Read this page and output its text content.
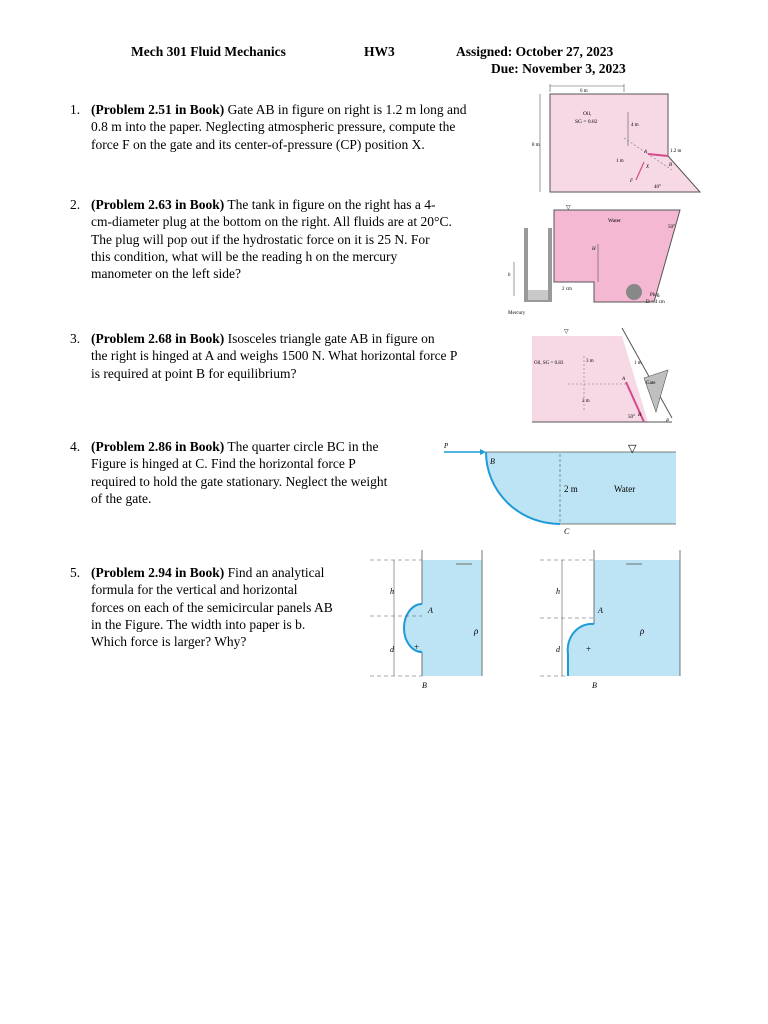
Mech 301 Fluid Mechanics	HW3	Assigned: October 27, 2023
Due: November 3, 2023
1. (Problem 2.51 in Book) Gate AB in figure on right is 1.2 m long and
0.8 m into the paper. Neglecting atmospheric pressure, compute the
force F on the gate and its center-of-pressure (CP) position X.
2. (Problem 2.63 in Book) The tank in figure on the right has a 4-
cm-diameter plug at the bottom on the right. All fluids are at 20°C.
The plug will pop out if the hydrostatic force on it is 25 N. For
this condition, what will be the reading h on the mercury
manometer on the left side?
3. (Problem 2.68 in Book) Isosceles triangle gate AB in figure on
the right is hinged at A and weighs 1500 N. What horizontal force P
is required at point B for equilibrium?
4. (Problem 2.86 in Book) The quarter circle BC in the
Figure is hinged at C. Find the horizontal force P
required to hold the gate stationary. Neglect the weight
of the gate.
5. (Problem 2.94 in Book) Find an analytical
formula for the vertical and horizontal
forces on each of the semicircular panels AB
in the Figure. The width into paper is b.
Which force is larger? Why?
6 m
Oil,
SG = 0.82
8 m
4 m
1.2 m
1 m
X
A
B
F
40°
▽
Water
H
h
2 cm
Mercury
Plug,
D = 4 cm
50°
▽
Oil, SG = 0.83	3 m
2 m
1 m
Gate
A
B
P
50°
P
B
C
2 m	Water
▽
h
d
A
B
ρ
+
h
d
A
B
ρ
+
